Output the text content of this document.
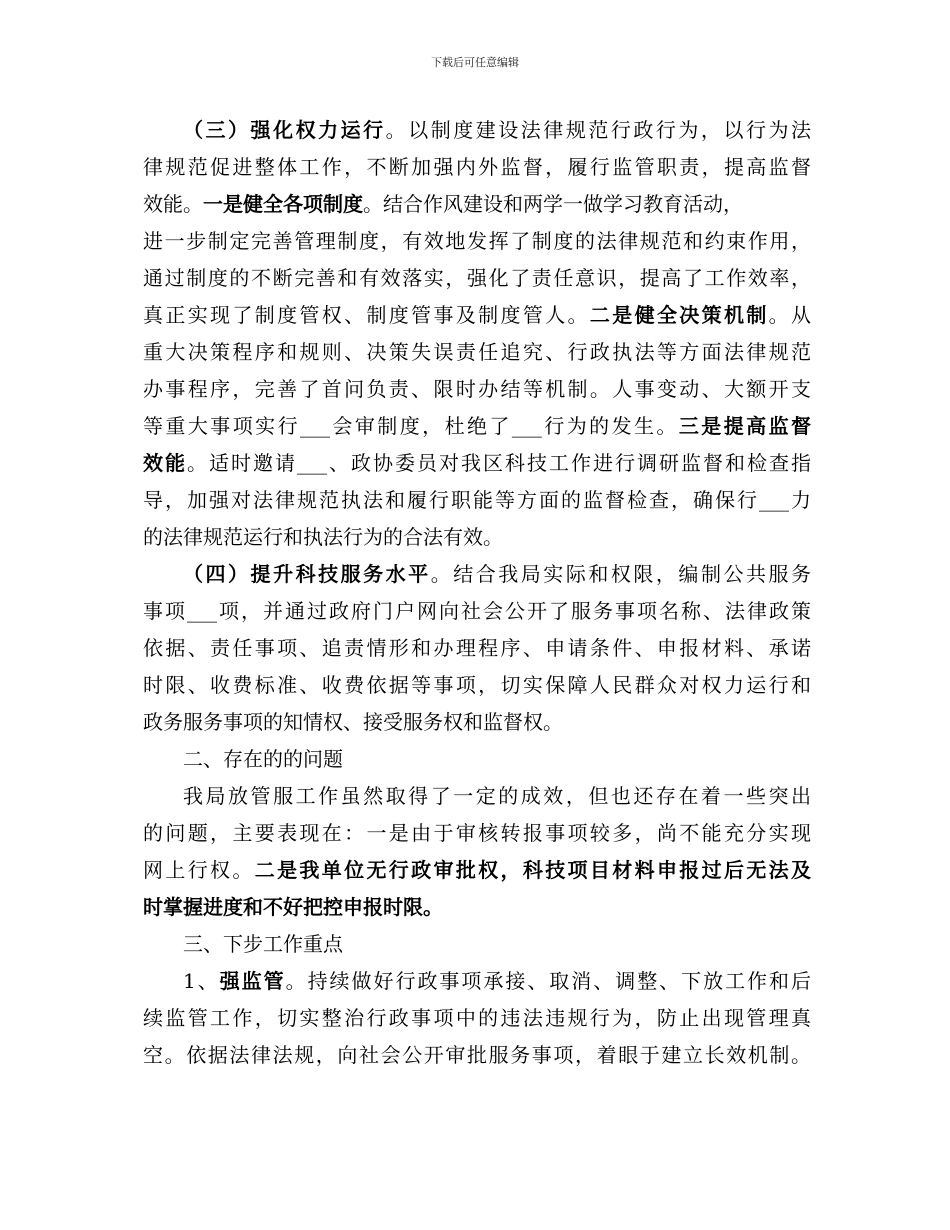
下载后可任意编辑
（三）强化权力运行。以制度建设法律规范行政行为，以行为法
律规范促进整体工作，不断加强内外监督，履行监管职责，提高监督
效能。一是健全各项制度。结合作风建设和两学一做学习教育活动，
进一步制定完善管理制度，有效地发挥了制度的法律规范和约束作用，
通过制度的不断完善和有效落实，强化了责任意识，提高了工作效率，
真正实现了制度管权、制度管事及制度管人。二是健全决策机制。从
重大决策程序和规则、决策失误责任追究、行政执法等方面法律规范
办事程序，完善了首问负责、限时办结等机制。人事变动、大额开支
等重大事项实行___会审制度，杜绝了___行为的发生。三是提高监督
效能。适时邀请___、政协委员对我区科技工作进行调研监督和检查指
导，加强对法律规范执法和履行职能等方面的监督检查，确保行___力
的法律规范运行和执法行为的合法有效。
（四）提升科技服务水平。结合我局实际和权限，编制公共服务
事项___项，并通过政府门户网向社会公开了服务事项名称、法律政策
依据、责任事项、追责情形和办理程序、申请条件、申报材料、承诺
时限、收费标准、收费依据等事项，切实保障人民群众对权力运行和
政务服务事项的知情权、接受服务权和监督权。
二、存在的的问题
我局放管服工作虽然取得了一定的成效，但也还存在着一些突出
的问题，主要表现在：一是由于审核转报事项较多，尚不能充分实现
网上行权。二是我单位无行政审批权，科技项目材料申报过后无法及
时掌握进度和不好把控申报时限。
三、下步工作重点
1、强监管。持续做好行政事项承接、取消、调整、下放工作和后
续监管工作，切实整治行政事项中的违法违规行为，防止出现管理真
空。依据法律法规，向社会公开审批服务事项，着眼于建立长效机制。
